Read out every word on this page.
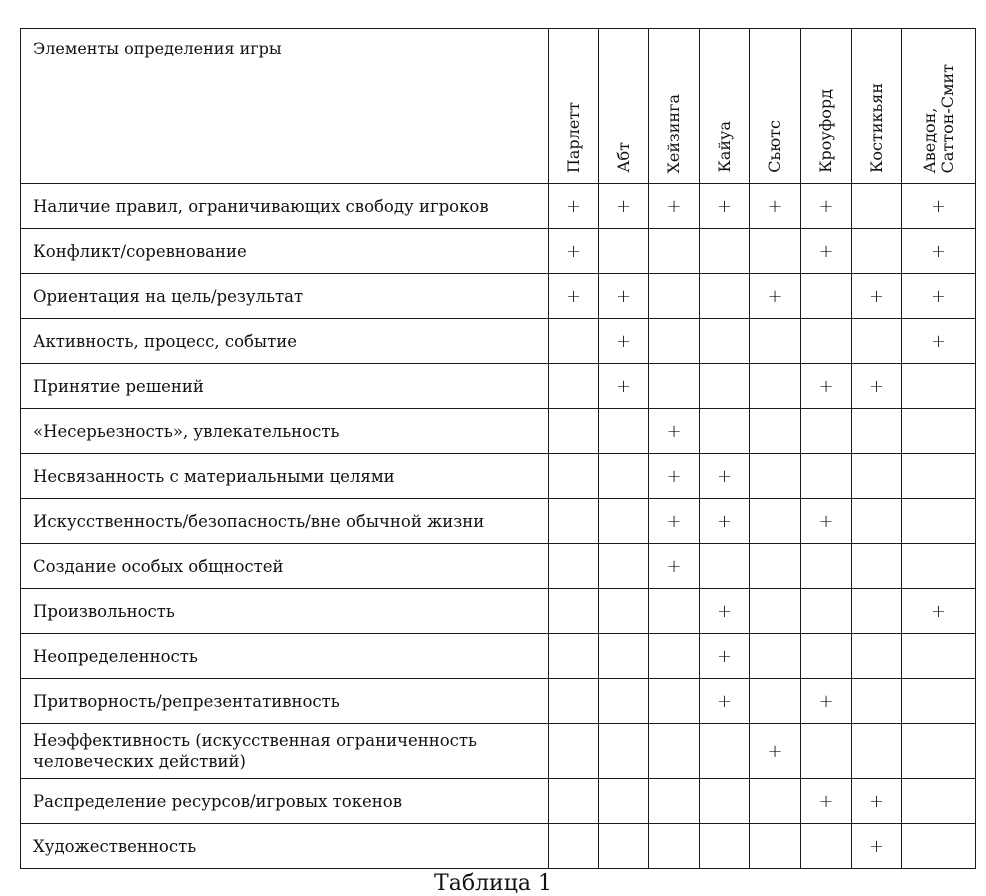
Элементы определения игры	Парлетт	Абт	Хейзинга	Кайуа	Сьютс	Кроуфорд	Костикьян	Аведон,
Саттон-Смит

Наличие правил, ограничивающих свободу игроков	+	+	+	+	+	+		+

Конфликт/соревнование	+					+		+

Ориентация на цель/результат	+	+			+		+	+

Активность, процесс, событие		+						+

Принятие решений		+				+	+	

«Несерьезность», увлекательность			+					

Несвязанность с материальными целями			+	+				

Искусственность/безопасность/вне обычной жизни			+	+		+		

Создание особых общностей			+					

Произвольность				+				+

Неопределенность				+				

Притворность/репрезентативность				+		+		

Неэффективность (искусственная ограниченность
человеческих действий)					+			

Распределение ресурсов/игровых токенов						+	+	

Художественность							+	
Таблица 1
